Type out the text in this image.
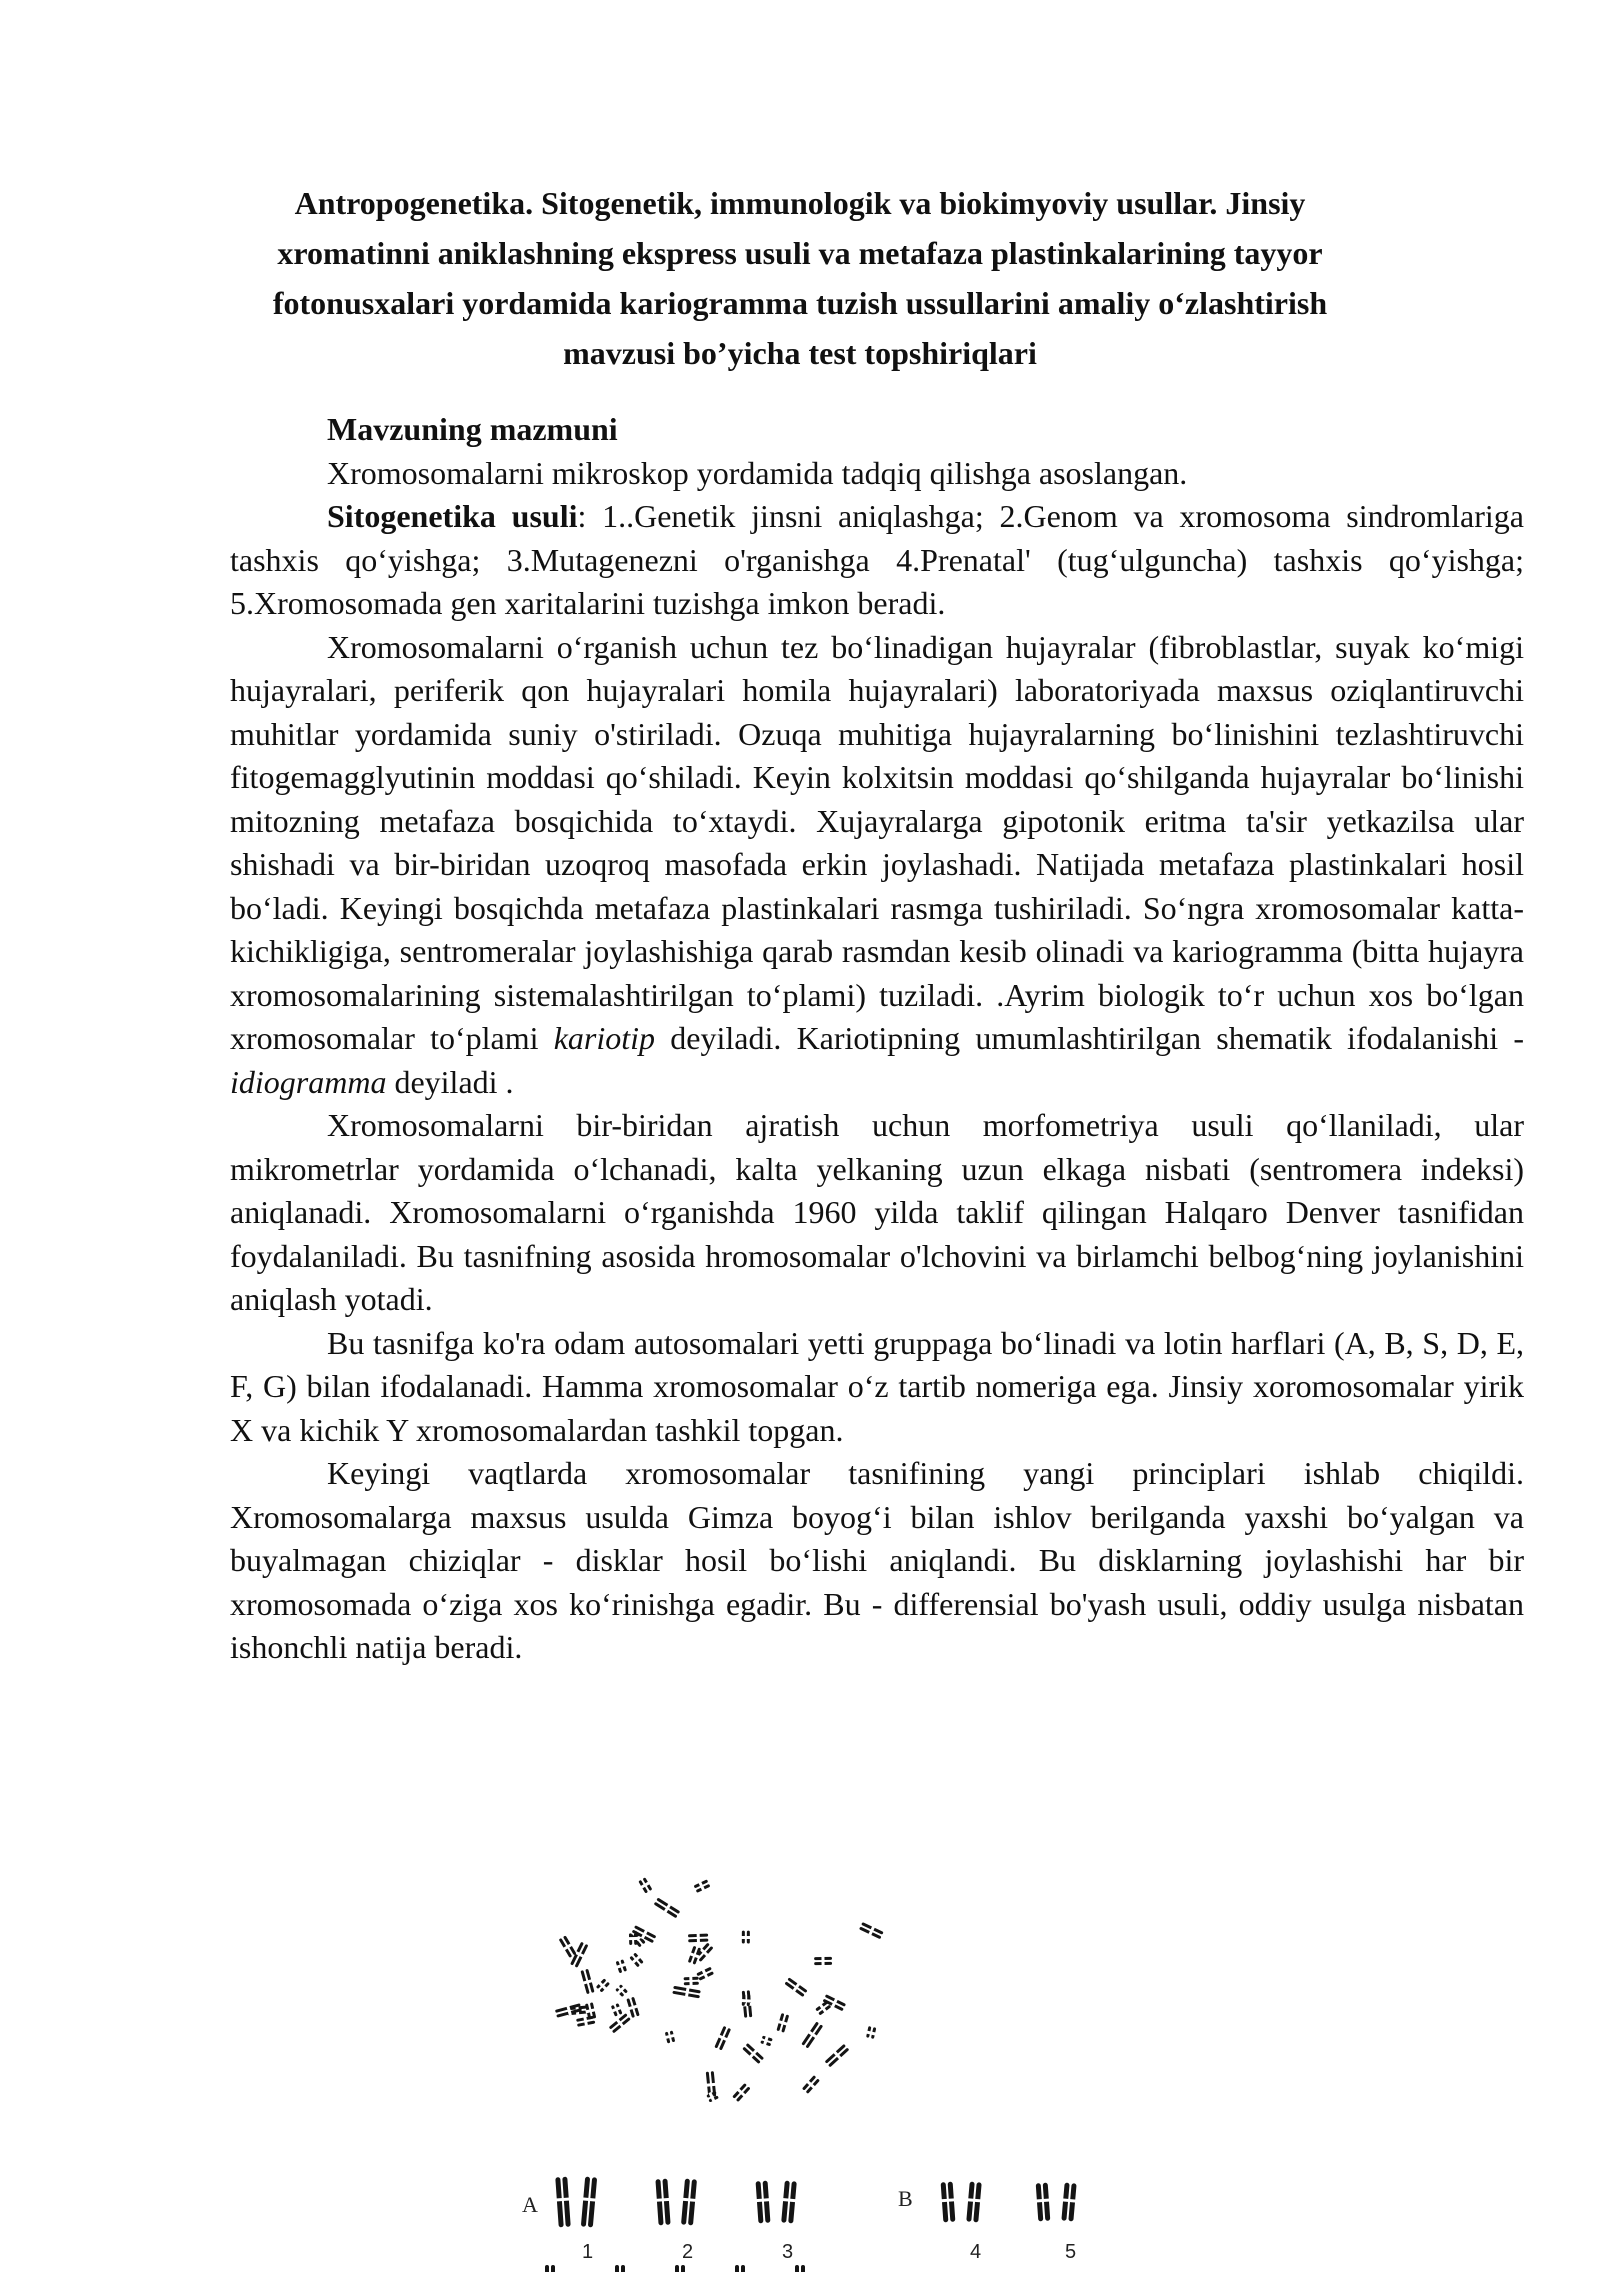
Antropogenetika. Sitogenetik, immunologik va biokimyoviy usullar. Jinsiy xromatinni aniklashning ekspress usuli va metafaza plastinkalarining tayyor fotonusxalari yordamida kariogramma tuzish ussullarini amaliy o‘zlashtirish mavzusi bo’yicha test topshiriqlari

Mavzuning mazmuni

Xromosomalarni mikroskop yordamida tadqiq qilishga asoslangan.

Sitogenetika usuli: 1..Genetik jinsni aniqlashga; 2.Genom va xromosoma sindromlariga tashxis qo‘yishga; 3.Mutagenezni o'rganishga 4.Prenatal' (tug‘ulguncha) tashxis qo‘yishga; 5.Xromosomada gen xaritalarini tuzishga imkon beradi.

Xromosomalarni o‘rganish uchun tez bo‘linadigan hujayralar (fibroblastlar, suyak ko‘migi hujayralari, periferik qon hujayralari homila hujayralari) laboratoriyada maxsus oziqlantiruvchi muhitlar yordamida suniy o'stiriladi. Ozuqa muhitiga hujayralarning bo‘linishini tezlashtiruvchi fitogemagglyutinin moddasi qo‘shiladi. Keyin kolxitsin moddasi qo‘shilganda hujayralar bo‘linishi mitozning metafaza bosqichida to‘xtaydi. Xujayralarga gipotonik eritma ta'sir yetkazilsa ular shishadi va bir-biridan uzoqroq masofada erkin joylashadi. Natijada metafaza plastinkalari hosil bo‘ladi. Keyingi bosqichda metafaza plastinkalari rasmga tushiriladi. So‘ngra xromosomalar katta-kichikligiga, sentromeralar joylashishiga qarab rasmdan kesib olinadi va kariogramma (bitta hujayra xromosomalarining sistemalashtirilgan to‘plami) tuziladi. .Ayrim biologik to‘r uchun xos bo‘lgan xromosomalar to‘plami kariotip deyiladi. Kariotipning umumlashtirilgan shematik ifodalanishi - idiogramma deyiladi .

Xromosomalarni bir-biridan ajratish uchun morfometriya usuli qo‘llaniladi, ular mikrometrlar yordamida o‘lchanadi, kalta yelkaning uzun elkaga nisbati (sentromera indeksi) aniqlanadi. Xromosomalarni o‘rganishda 1960 yilda taklif qilingan Halqaro Denver tasnifidan foydalaniladi. Bu tasnifning asosida hromosomalar o'lchovini va birlamchi belbog‘ning joylanishini aniqlash yotadi.

Bu tasnifga ko'ra odam autosomalari yetti gruppaga bo‘linadi va lotin harflari (A, B, S, D, E, F, G) bilan ifodalanadi. Hamma xromosomalar o‘z tartib nomeriga ega. Jinsiy xoromosomalar yirik X va kichik Y xromosomalardan tashkil topgan.

Keyingi vaqtlarda xromosomalar tasnifining yangi principlari ishlab chiqildi. Xromosomalarga maxsus usulda Gimza boyog‘i bilan ishlov berilganda yaxshi bo‘yalgan va buyalmagan chiziqlar - disklar hosil bo‘lishi aniqlandi. Bu disklarning joylashishi har bir xromosomada o‘ziga xos ko‘rinishga egadir. Bu - differensial bo'yash usuli, oddiy usulga nisbatan ishonchli natija beradi.

A	B
1	2	3	4	5
